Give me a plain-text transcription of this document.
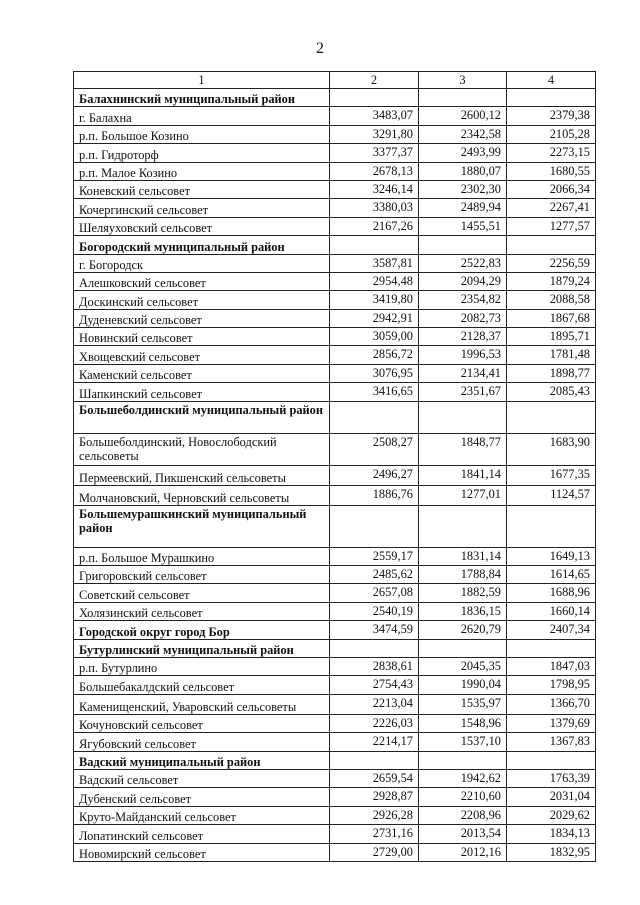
2
1	2	3	4
Балахнинский муниципальный район			
г. Балахна	3483,07	2600,12	2379,38
р.п. Большое Козино	3291,80	2342,58	2105,28
р.п. Гидроторф	3377,37	2493,99	2273,15
р.п. Малое Козино	2678,13	1880,07	1680,55
Коневский сельсовет	3246,14	2302,30	2066,34
Кочергинский сельсовет	3380,03	2489,94	2267,41
Шеляуховский сельсовет	2167,26	1455,51	1277,57
Богородский муниципальный район			
г. Богородск	3587,81	2522,83	2256,59
Алешковский сельсовет	2954,48	2094,29	1879,24
Доскинский сельсовет	3419,80	2354,82	2088,58
Дуденевский сельсовет	2942,91	2082,73	1867,68
Новинский сельсовет	3059,00	2128,37	1895,71
Хвощевский сельсовет	2856,72	1996,53	1781,48
Каменский сельсовет	3076,95	2134,41	1898,77
Шапкинский сельсовет	3416,65	2351,67	2085,43
Большеболдинский муниципальный район			
Большеболдинский, Новослободский сельсоветы	2508,27	1848,77	1683,90
Пермеевский, Пикшенский сельсоветы	2496,27	1841,14	1677,35
Молчановский, Черновский сельсоветы	1886,76	1277,01	1124,57
Большемурашкинский муниципальный район			
р.п. Большое Мурашкино	2559,17	1831,14	1649,13
Григоровский сельсовет	2485,62	1788,84	1614,65
Советский сельсовет	2657,08	1882,59	1688,96
Холязинский сельсовет	2540,19	1836,15	1660,14
Городской округ город Бор	3474,59	2620,79	2407,34
Бутурлинский муниципальный район			
р.п. Бутурлино	2838,61	2045,35	1847,03
Большебакалдский сельсовет	2754,43	1990,04	1798,95
Каменищенский, Уваровский сельсоветы	2213,04	1535,97	1366,70
Кочуновский сельсовет	2226,03	1548,96	1379,69
Ягубовский сельсовет	2214,17	1537,10	1367,83
Вадский муниципальный район			
Вадский сельсовет	2659,54	1942,62	1763,39
Дубенский сельсовет	2928,87	2210,60	2031,04
Круто-Майданский сельсовет	2926,28	2208,96	2029,62
Лопатинский сельсовет	2731,16	2013,54	1834,13
Новомирский сельсовет	2729,00	2012,16	1832,95
